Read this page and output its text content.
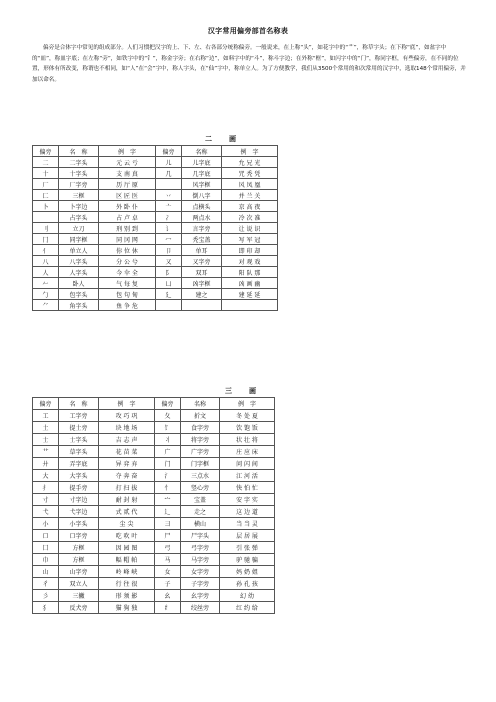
汉字常用偏旁部首名称表
偏旁是合体字中常见的组成部分。人们习惯把汉字的上、下、左、右各部分统称偏旁。一般说来，在上称“头”，如花字中的“艹”，称草字头；在下称“底”，如盆字中的“皿”，称皿字底；在左称“旁”，如铁字中的“钅”，称金字旁；在右称“边”，如料字中的“斗”，称斗字边；在外称“框”，如闪字中的“门”，称同字框，有些偏旁，在不同的位置，形体有所改变，称谓也不相同，如“人”在“会”字中，称人字头，在“仙”字中，称单立人。为了方便教学，我们从3500个常用的和次常用的汉字中，选取148个常用偏旁，并加以命名。
二　　画
偏旁	名　称	例　字	偏旁	名称	例　字
二	二字头	元 云 亏	儿	儿字底	允 兄 光
十	十字头	支 南 真	几	几字底	咒 秃 凭
厂	厂字旁	历 厅 原		风字框	风 凤 凰
匚	三框	区 匠 医	丷	倒八字	并 兰 关
卜	卜字边	外 卧 仆	亠	点横头	京 高 夜
	占字头	占 卢 卓	冫	两点水	冷 次 准
刂	立刀	刑 别 到	讠	言字旁	让 说 识
冂	同字框	同 冈 网	冖	秃宝盖	写 军 冠
亻	单立人	你 位 休	卩	单耳	即 印 却
八	八字头	分 公 兮	又	又字旁	对 观 戏
人	人字头	今 伞 全	阝	双耳	阳 队 那
𠂉	卧人	气 每 复	凵	凶字框	凶 画 幽
勹	包字头	包 句 甸	廴	建之	建 延 延
⺈	角字头	鱼 争 危			
三　　画
偏旁	名　称	例　字	偏旁	名称	例　字
工	工字旁	攻 巧 巩	夂	折文	冬 处 夏
土	提土旁	块 地 场	饣	食字旁	饮 饱 饭
士	士字头	吉 志 声	丬	将字旁	状 壮 将
艹	草字头	花 苗 菜	广	广字旁	庄 应 床
廾	弄字底	异 弈 弃	门	门字框	问 闪 间
大	大字头	夺 奔 奋	氵	三点水	江 河 活
扌	提手旁	打 扫 拔	忄	竖心旁	快 怕 忙
寸	寸字边	耐 封 射	宀	宝盖	安 字 实
弋	弋字边	式 贰 代	辶	走之	这 边 道
小	小字头	尘 尖	彐	横山	当 当 灵
口	口字旁	吃 吹 叶	尸	尸字头	层 居 展
囗	方框	因 园 图	弓	弓字旁	引 张 弹
巾	方框	幅 帽 帕	马	马字旁	驴 驰 骗
山	山字旁	岭 峰 峡	女	女字旁	妈 奶 姐
彳	双立人	行 往 很	子	子字旁	孙 孔 孩
彡	三撇	形 须 影	幺	幺字旁	幻 幼
犭	反犬旁	猫 狗 独	纟	绞丝旁	红 约 给
